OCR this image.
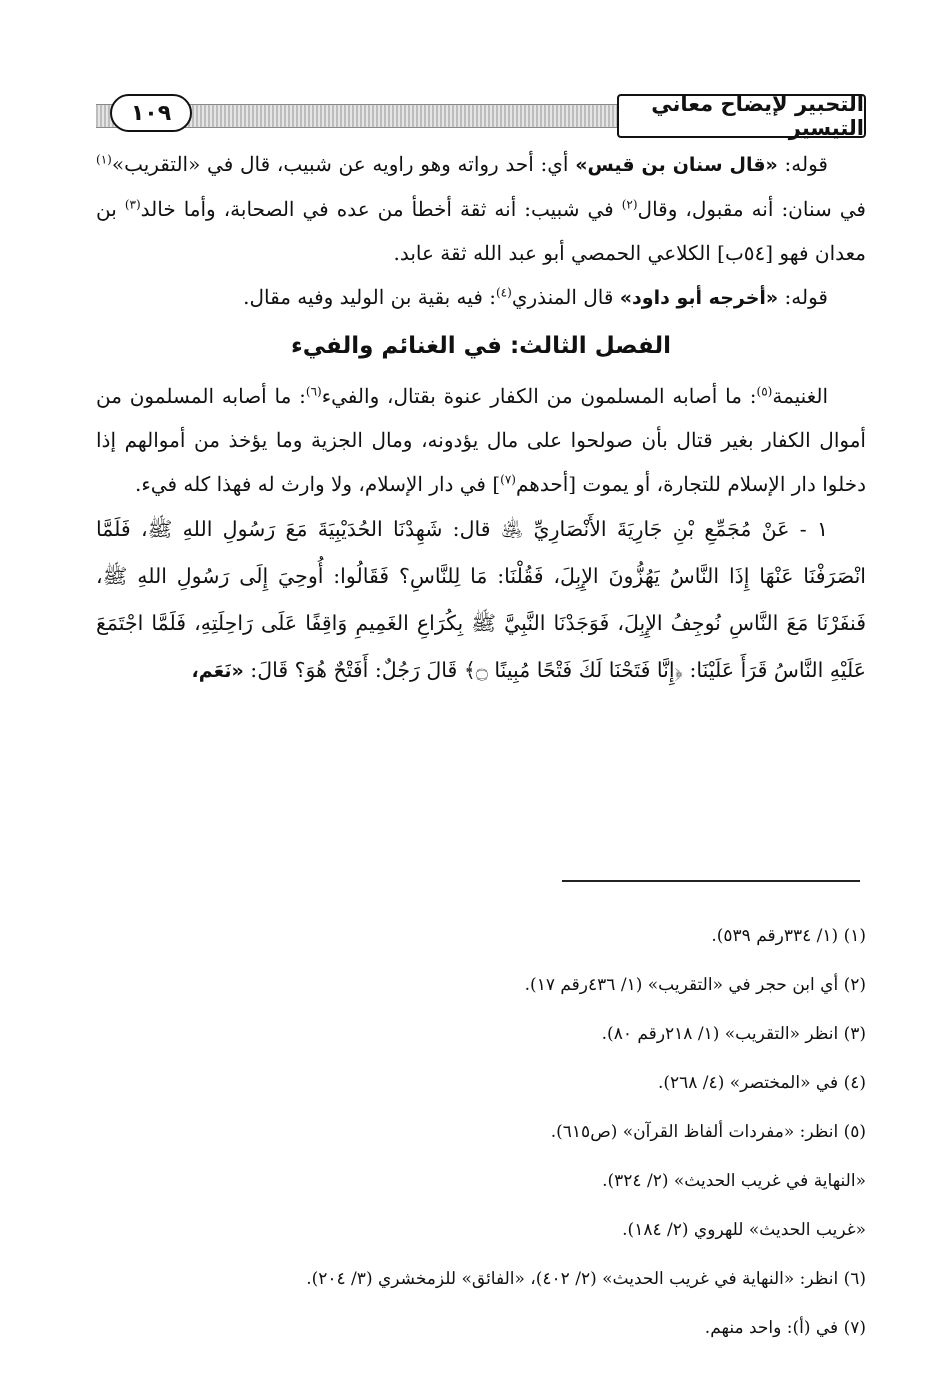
التحبير لإيضاح معاني التيسير
١٠٩

قوله: «قال سنان بن قيس» أي: أحد رواته وهو راويه عن شبيب، قال في «التقريب»$^{(١)}$ في سنان: أنه مقبول، وقال$^{(٢)}$ في شبيب: أنه ثقة أخطأ من عده في الصحابة، وأما خالد$^{(٣)}$ بن معدان فهو [٥٤ب] الكلاعي الحمصي أبو عبد الله ثقة عابد.

قوله: «أخرجه أبو داود» قال المنذري$^{(٤)}$: فيه بقية بن الوليد وفيه مقال.

الفصل الثالث: في الغنائم والفيء

الغنيمة$^{(٥)}$: ما أصابه المسلمون من الكفار عنوة بقتال، والفيء$^{(٦)}$: ما أصابه المسلمون من أموال الكفار بغير قتال بأن صولحوا على مال يؤدونه، ومال الجزية وما يؤخذ من أموالهم إذا دخلوا دار الإسلام للتجارة، أو يموت [أحدهم$^{(٧)}$] في دار الإسلام، ولا وارث له فهذا كله فيء.

١ - عَنْ مُجَمِّعِ بْنِ جَارِيَةَ الأَنْصَارِيِّ ﵁ قال: شَهِدْنَا الحُدَيْبِيَةَ مَعَ رَسُولِ اللهِ ﷺ، فَلَمَّا انْصَرَفْنَا عَنْهَا إِذَا النَّاسُ يَهُزُّونَ الإِبِلَ، فَقُلْنَا: مَا لِلنَّاسِ؟ فَقَالُوا: أُوحِيَ إِلَى رَسُولِ اللهِ ﷺ، فَنفَرْنَا مَعَ النَّاسِ نُوجِفُ الإِبِلَ، فَوَجَدْنَا النَّبِيَّ ﷺ بِكُرَاعِ الغَمِيمِ وَاقِفًا عَلَى رَاحِلَتِهِ، فَلَمَّا اجْتَمَعَ عَلَيْهِ النَّاسُ قَرَأَ عَلَيْنَا: ﴿إِنَّا فَتَحْنَا لَكَ فَتْحًا مُبِينًا ۝﴾ قَالَ رَجُلٌ: أَفَتْحٌ هُوَ؟ قَالَ: «نَعَم،

(١) (١/ ٣٣٤رقم ٥٣٩).
(٢) أي ابن حجر في «التقريب» (١/ ٤٣٦رقم ١٧).
(٣) انظر «التقريب» (١/ ٢١٨رقم ٨٠).
(٤) في «المختصر» (٤/ ٢٦٨).
(٥) انظر: «مفردات ألفاظ القرآن» (ص٦١٥).
«النهاية في غريب الحديث» (٢/ ٣٢٤).
«غريب الحديث» للهروي (٢/ ١٨٤).
(٦) انظر: «النهاية في غريب الحديث» (٢/ ٤٠٢)، «الفائق» للزمخشري (٣/ ٢٠٤).
(٧) في (أ): واحد منهم.
